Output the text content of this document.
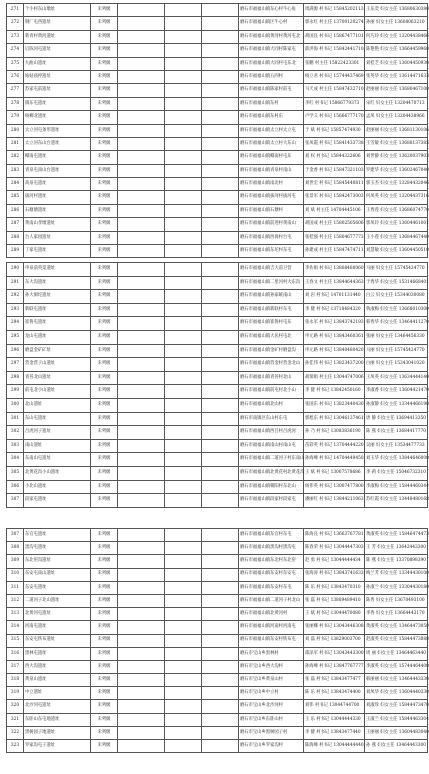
271	个小村东山墩址	未列级				磨石市福福山镇东心村牛心角	周满源 村书记 15845202113	王乐奕 妇女主任 13680630380
272	钢厂屯西遗址	未列级				磨石市福福山镇区牛心村	郭永红 村主任 13700120274	孙丽 妇女主任 13608063210
273	新青村黄河遗址	未列级				磨石市福福山镇黄河村黄河屯北	胡国良 村书记 15867477101	何巧玲 妇女主任 13204438466
274	后陈河屯遗址	未列级				磨石市福福山镇大同村陈家屯	薛洪海 村书记 15842441710	陈艳艳 妇女主任 13664459960
275	九曲山遗址	未列级				磨石市福福山镇大同村屯东北	张鹏 村主任 15822423301	刘桂芝 妇女主任 13604450930
276	姑姑庙停遗址	未列级				磨石市福福山镇五四村	杨立君 村书记 15744437469	张英华 妇女主任 13614471633
277	苏家屯前遗址	未列级				磨石市福福山镇陈家村前屯	马天成 村主任 15847432710	赵丽丽 妇女主任 13680467100
278	镇东屯遗址	未列级				磨石市福福山镇东村	李红 村书记 15866779373	宋红 妇女主任 13204470713
279	杨柳北遗址	未列级				磨石市福福山镇东村东	卢学义 村书记 15666777170	孟凤 妇女主任 13204438966
280	太立河屯条形遗址	未列级				磨石市福福山镇太立村太立屯	于 斌 村书记 15857474930	赵丽丽 妇女主任 13681130106
281	太立河东山台遗址	未列级				磨石市福福山镇太立村大东山	张凤霞 村书记 15841433738	王雪敏 妇女主任 13688137383
282	椰南屯遗址	未列级				磨石市福福山镇椰南村屯东	刘 权 村书记 15844322606	刘世静 妇女主任 13620037903
283	青泉屯南山台遗址	未列级				磨石市福福山镇青泉村南山	于金香 村书记 15847321103	罗建华 妇女主任 13602467040
284	高泉屯遗址	未列级				磨石市福福山镇南北村	刘世宏 村书记 15845440811	郭玉杰 妇女主任 13284432046
285	拔河村遗址	未列级				磨石市福福山镇拔河村拔河屯	张景军 村书记 15842473003	何凤英 妇女主任 13204437316
286	石塘塘遗址	未列级				磨石市福福山镇石塘村	刘 斌 村主任 14704445106	王秀莲 妇女主任 13686074770
287	黄南山孝墩遗址	未列级				磨石市福福山镇前进村黄南山	胡国成 村主任 15802505606	郭凤玲 妇女主任 13604461001
288	台人家园遗址	未列级				磨石市福福山镇西岗村台屯	张桂强 村主任 15804677773	王小莲 妇女主任 13684467440
289	丁家屯遗址	未列级				磨石市福福山镇东坨村东屯	孙建成 村主任 15847474711	刘慧敏 妇女主任 13604450510
290	申泉前英渠遗址	未列级				磨石市福福山镇吉大前卫营	李佐娟 村书记 13808480060	马丽 妇女主任 15745424770
291	东大沟遗址	未列级				磨石市福福山镇二里河村大东沟	王春文 村主任 13844644363	于秀华 妇女主任 15314668401
292	孙大洞坨遗址	未列级				磨石市福福山镇孙家峡南山	刘 岩 村书记 14701131440	白云 妇女主任 15344030080
293	新联屯遗址	未列级				磨石市福福山镇新联村东屯	李 健 村书记 13718484320	鲁淑梅 妇女主任 13668010300
294	崔鲁屯遗址	未列级				磨石市福福山镇崔鲁村屯东	张永军 村书记 13843742193	韩秀华 妇女主任 13464411270
295	龙山屯遗址	未列级				磨石市福福山镇大民村屯北	申元路 村书记 13843460361	张丽 妇女主任 13464456330
296	磨盘金矿矿址	未列级				磨石市福福山镇金矿村磨盘沟	申元路 村书记 13840480420	马丽 妇女主任 15745424770
297	营金营子山遗址	未列级				磨石市福福山镇营金村营金北山	孙佳伟 村书记 13823437200	白丽 妇女主任 15343041020
298	青苔北山遗址	未列级				磨石市福福山镇青苔村北山	胡瑞娟 村主任 13044747006	王凤英 妇女主任 13634444140
299	前屯北小山遗址	未列级				磨石市福福山镇前屯村北小山	李 健 村书记 13842450160	李淑香 妇女主任 13604421470
300	北山遗址	未列级				磨石市福福山镇北山村	张国东 村书记 13823440430	孙淑静 妇女主任 13344466190
301	东山屯遗址	未列级				磨石市南镇区东山村东屯	郭旭东 村书记 13046137461	唐 静 妇女主任 13694413350
302	吕虎河子遗址	未列级				磨石市福福山镇西吕村吕虎河	孙 乃 村书记 13083836190	陈 燕 妇女主任 13684417770
303	南山遗址	未列级				磨石市福福山镇南山村南山屯	苗彩英 村书记 13704444220	吴丽 妇女主任 13534477733
304	东南山屯遗址	未列级				磨石市福福山镇二道河子村东南山	孙海峰 村书记 14704449450	刘玉华 妇女主任 13844646000
305	北黄花沟小山遗址	未列级				磨石市福福山镇北黄花村北黄花沟	王 斌 村书记 13007578686	李 莉 妇女主任 15046732310
306	小北山遗址	未列级				磨石市福福山镇朝阳村东北山	杨伟英 村书记 13007477800	李淑梅 妇女主任 15844460344
307	段家屯遗址	未列级				磨石市福福山镇段家村段家屯	潘丽红 村书记 13844211063	苏红霞 妇女主任 13448480168
307	东官屯遗址	未列级				磨石市福福山镇东官村东屯	陈海良 村书记 13663767781	黄淑英 妇女主任 15846474473
308	黑沟屯遗址	未列级				磨石市福福山镇黑沟村黑沟屯	陈春荣 村书记 13044447303	王 芳 妇女主任 13642443300
309	东北窑沟遗址	未列级				磨石市福福山镇东北村东北窑	赵 勇 村书记 13044444434	陈 燕 妇女主任 13370898390
310	东安屯南山遗址	未列级				磨石市福福山镇东安村东安屯	张海涛 村书记 13843741633	梅兰芳 妇女主任 13344430100
311	东安屯遗址	未列级				磨石市福福山镇东安村东屯	陈 乐 村书记 13843470310	孙淑兰 妇女主任 13304430180
312	二道河子北山遗址	未列级				磨石市福福山镇二道河子村北山	张 磊 村书记 13809489410	陈秀 妇女主任 13670493100
313	北黄河屯遗址	未列级				磨石市福福山镇北黄河村	王 斌 村书记 13044470080	李秀 妇女主任 13664443170
314	河南屯遗址	未列级				磨石市福福山镇河南村河南屯	张丽娜 村书记 13043446308	黄淑英 妇女主任 13464473050
315	东安屯铁布遗址	未列级				磨石市福福山镇东安村铁布屯	刘 磊 村书记 13829003700	赵淑英 妇女主任 15844473088
316	黑林屯遗址	未列级				磨石市宝山乡黑林村	邵泽军 村书记 13043443300	周 丽 妇女主任 13464463440
317	西大沟遗址	未列级				磨石市宝山乡西大沟村	孙海峰 村书记 13847767777	李淑英 妇女主任 15744464400
318	黄泉山遗址	未列级				磨石市宝山乡黄泉山村	张 磊 村书记 13843477477	韩丽丽 妇女主任 13464443330
319	中立遗址	未列级				磨石市宝山乡中立村	陈 乐 村书记 13843474400	刘凤华 妇女主任 13604440330
320	北沙河屯遗址	未列级				磨石市宝山乡北沙河村	刘伟 村书记 13044744700	刘淑珍 妇女主任 15844473470
321	东卧山东屯地遗址	未列级				磨石市宝山乡东卧山村	王 乐 村书记 13044444330	王淑兰 妇女主任 15844463304
322	黑树园子地遗址	未列级				磨石市宝山乡黑树园子村	李 健 村书记 13843477440	王丽丽 妇女主任 13604483040
323	罗家沟屯子遗址	未列级				磨石市宝山乡罗家沟村	陈海峰 村书记 13044444440	孙 燕 妇女主任 13464443300
